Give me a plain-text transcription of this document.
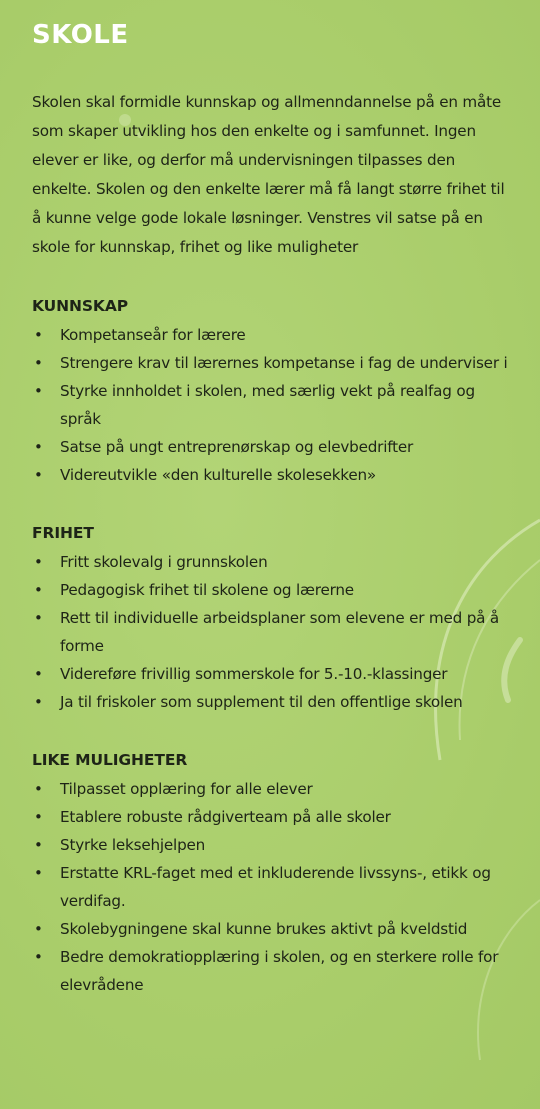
SKOLE

Skolen skal formidle kunnskap og allmenndannelse på en måte som skaper utvikling hos den enkelte og i samfunnet. Ingen elever er like, og derfor må undervisningen tilpasses den enkelte. Skolen og den enkelte lærer må få langt større frihet til å kunne velge gode lokale løsninger. Venstres vil satse på en skole for kunnskap, frihet og like muligheter

KUNNSKAP
• Kompetanseår for lærere
• Strengere krav til lærernes kompetanse i fag de underviser i
• Styrke innholdet i skolen, med særlig vekt på realfag og språk
• Satse på ungt entreprenørskap og elevbedrifter
• Videreutvikle «den kulturelle skolesekken»
FRIHET
• Fritt skolevalg i grunnskolen
• Pedagogisk frihet til skolene og lærerne
• Rett til individuelle arbeidsplaner som elevene er med på å forme
• Videreføre frivillig sommerskole for 5.-10.-klassinger
• Ja til friskoler som supplement til den offentlige skolen
LIKE MULIGHETER
• Tilpasset opplæring for alle elever
• Etablere robuste rådgiverteam på alle skoler
• Styrke leksehjelpen
• Erstatte KRL-faget med et inkluderende livssyns-, etikk og verdifag.
• Skolebygningene skal kunne brukes aktivt på kveldstid
• Bedre demokratiopplæring i skolen, og en sterkere rolle for elevrådene
